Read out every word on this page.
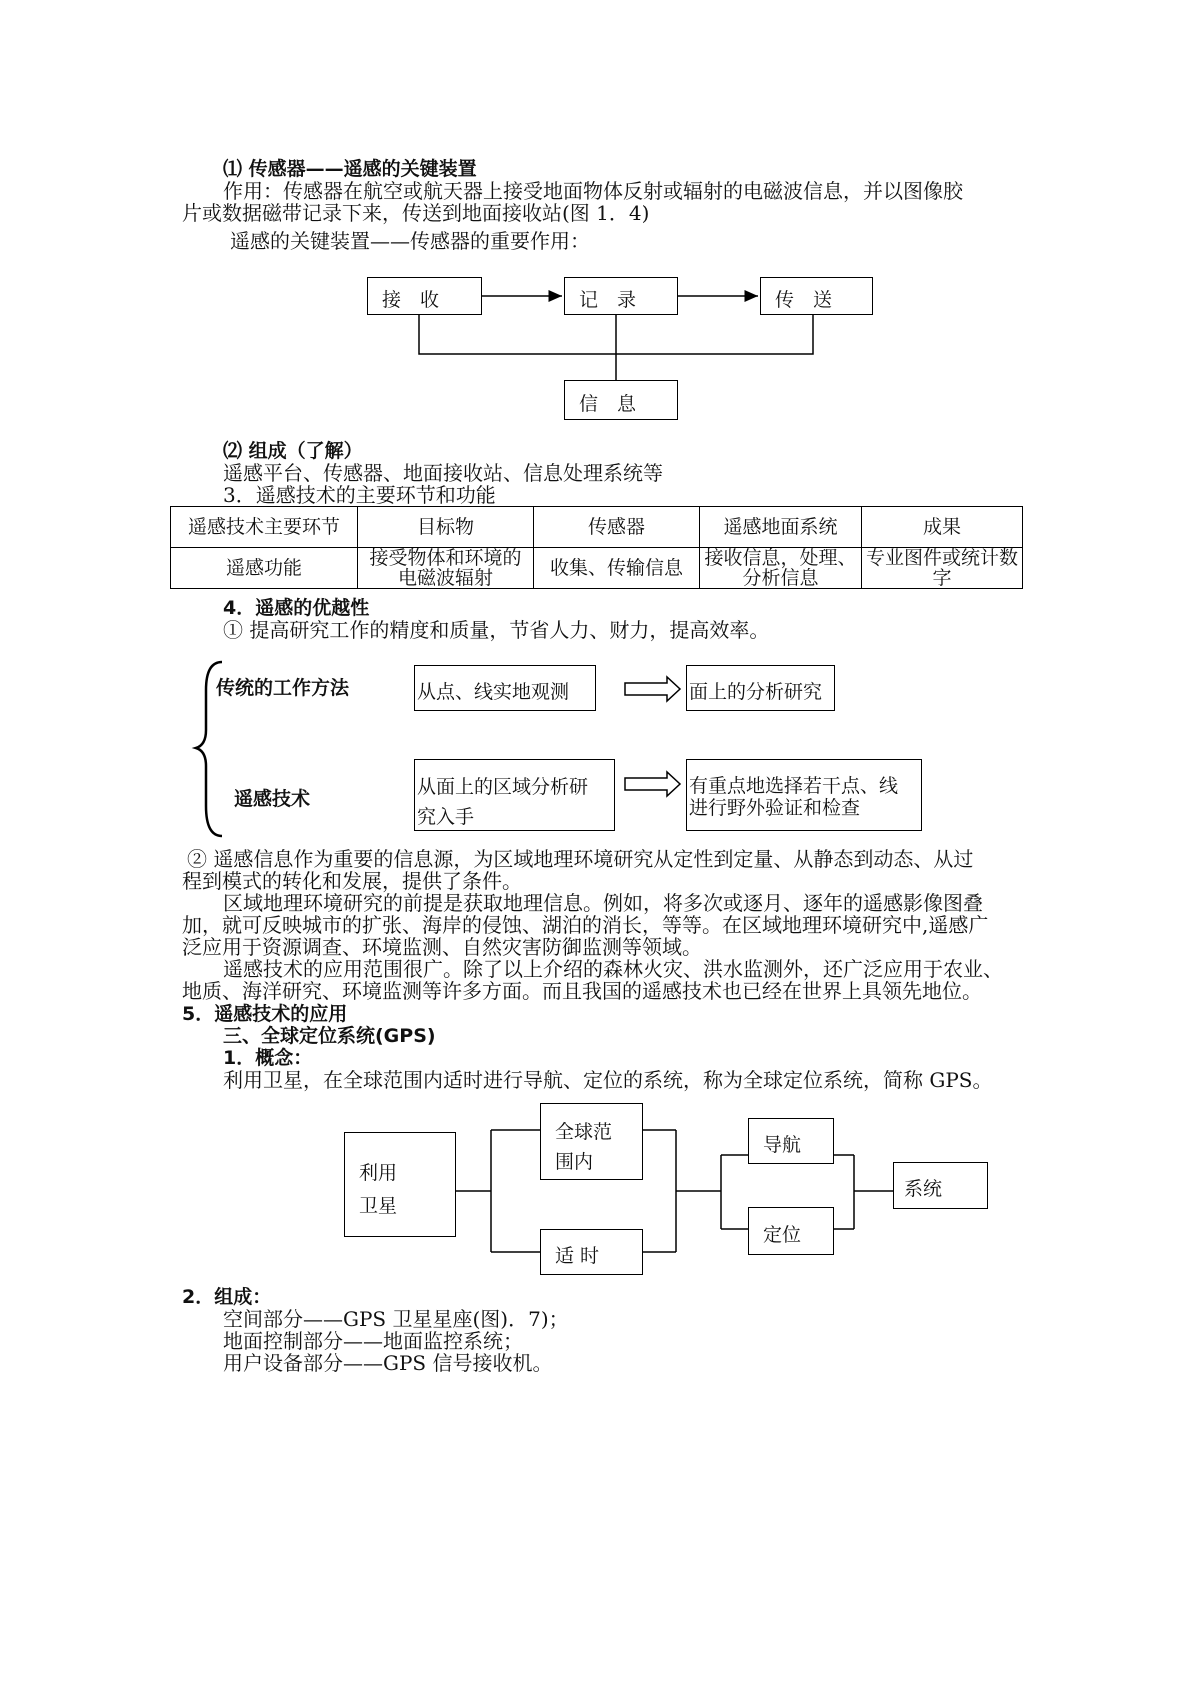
⑴ 传感器——遥感的关键装置
作用：传感器在航空或航天器上接受地面物体反射或辐射的电磁波信息，并以图像胶
片或数据磁带记录下来，传送到地面接收站(图 1．4)
遥感的关键装置——传感器的重要作用：
接　收	记　录	传　送
信　息
⑵ 组成（了解）
遥感平台、传感器、地面接收站、信息处理系统等
3．遥感技术的主要环节和功能
遥感技术主要环节	目标物	传感器	遥感地面系统	成果
遥感功能	接受物体和环境的电磁波辐射	收集、传输信息	接收信息，处理、分析信息	专业图件或统计数字
4．遥感的优越性
① 提高研究工作的精度和质量，节省人力、财力，提高效率。
传统的工作方法	从点、线实地观测	面上的分析研究
遥感技术
从面上的区域分析研
究入手
有重点地选择若干点、线
进行野外验证和检查
② 遥感信息作为重要的信息源，为区域地理环境研究从定性到定量、从静态到动态、从过
程到模式的转化和发展，提供了条件。
区域地理环境研究的前提是获取地理信息。例如，将多次或逐月、逐年的遥感影像图叠
加，就可反映城市的扩张、海岸的侵蚀、湖泊的消长，等等。在区域地理环境研究中,遥感广
泛应用于资源调查、环境监测、自然灾害防御监测等领域。
遥感技术的应用范围很广。除了以上介绍的森林火灾、洪水监测外，还广泛应用于农业、
地质、海洋研究、环境监测等许多方面。而且我国的遥感技术也已经在世界上具领先地位。
5．遥感技术的应用
三、全球定位系统(GPS)
1．概念：
利用卫星，在全球范围内适时进行导航、定位的系统，称为全球定位系统，简称 GPS。
利用
卫星
全球范
围内
适 时
导航
定位
系统
2．组成：
空间部分——GPS 卫星星座(图)．7)；
地面控制部分——地面监控系统；
用户设备部分——GPS 信号接收机。
